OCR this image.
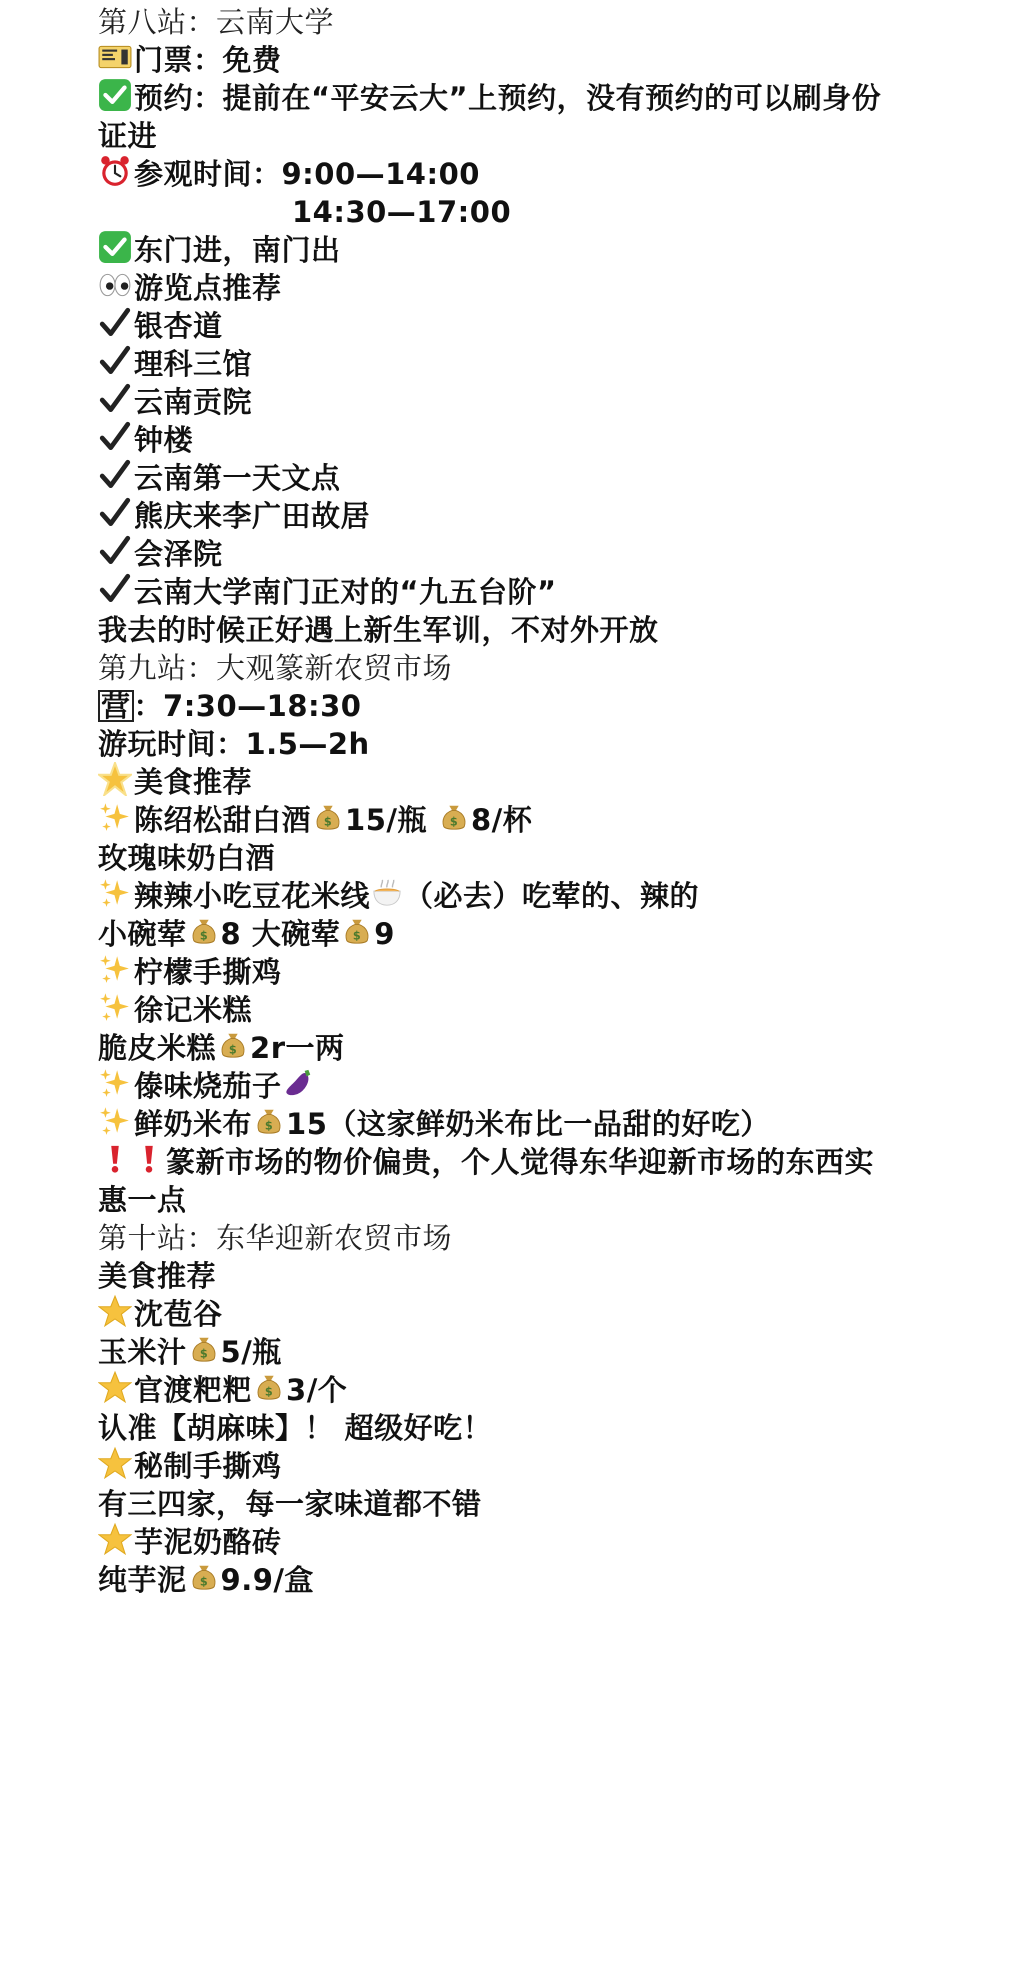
第八站：云南大学
门票：免费
预约：提前在“平安云大”上预约，没有预约的可以刷身份
证进
参观时间：9:00—14:00
14:30—17:00
东门进，南门出
游览点推荐
银杏道
理科三馆
云南贡院
钟楼
云南第一天文点
熊庆来李广田故居
会泽院
云南大学南门正对的“九五台阶”
我去的时候正好遇上新生军训，不对外开放
第九站：大观篆新农贸市场
营 ：7:30—18:30
游玩时间：1.5—2h
美食推荐
陈绍松甜白酒 15/瓶 8/杯
玫瑰味奶白酒
辣辣小吃豆花米线 （必去）吃荤的、辣的
小碗荤 8 大碗荤 9
柠檬手撕鸡
徐记米糕
脆皮米糕 2r一两
傣味烧茄子
鲜奶米布 15（这家鲜奶米布比一品甜的好吃）
篆新市场的物价偏贵，个人觉得东华迎新市场的东西实
惠一点
第十站：东华迎新农贸市场
美食推荐
沈苞谷
玉米汁 5/瓶
官渡粑粑 3/个
认准【胡麻味】！ 超级好吃！
秘制手撕鸡
有三四家，每一家味道都不错
芋泥奶酪砖
纯芋泥 9.9/盒
